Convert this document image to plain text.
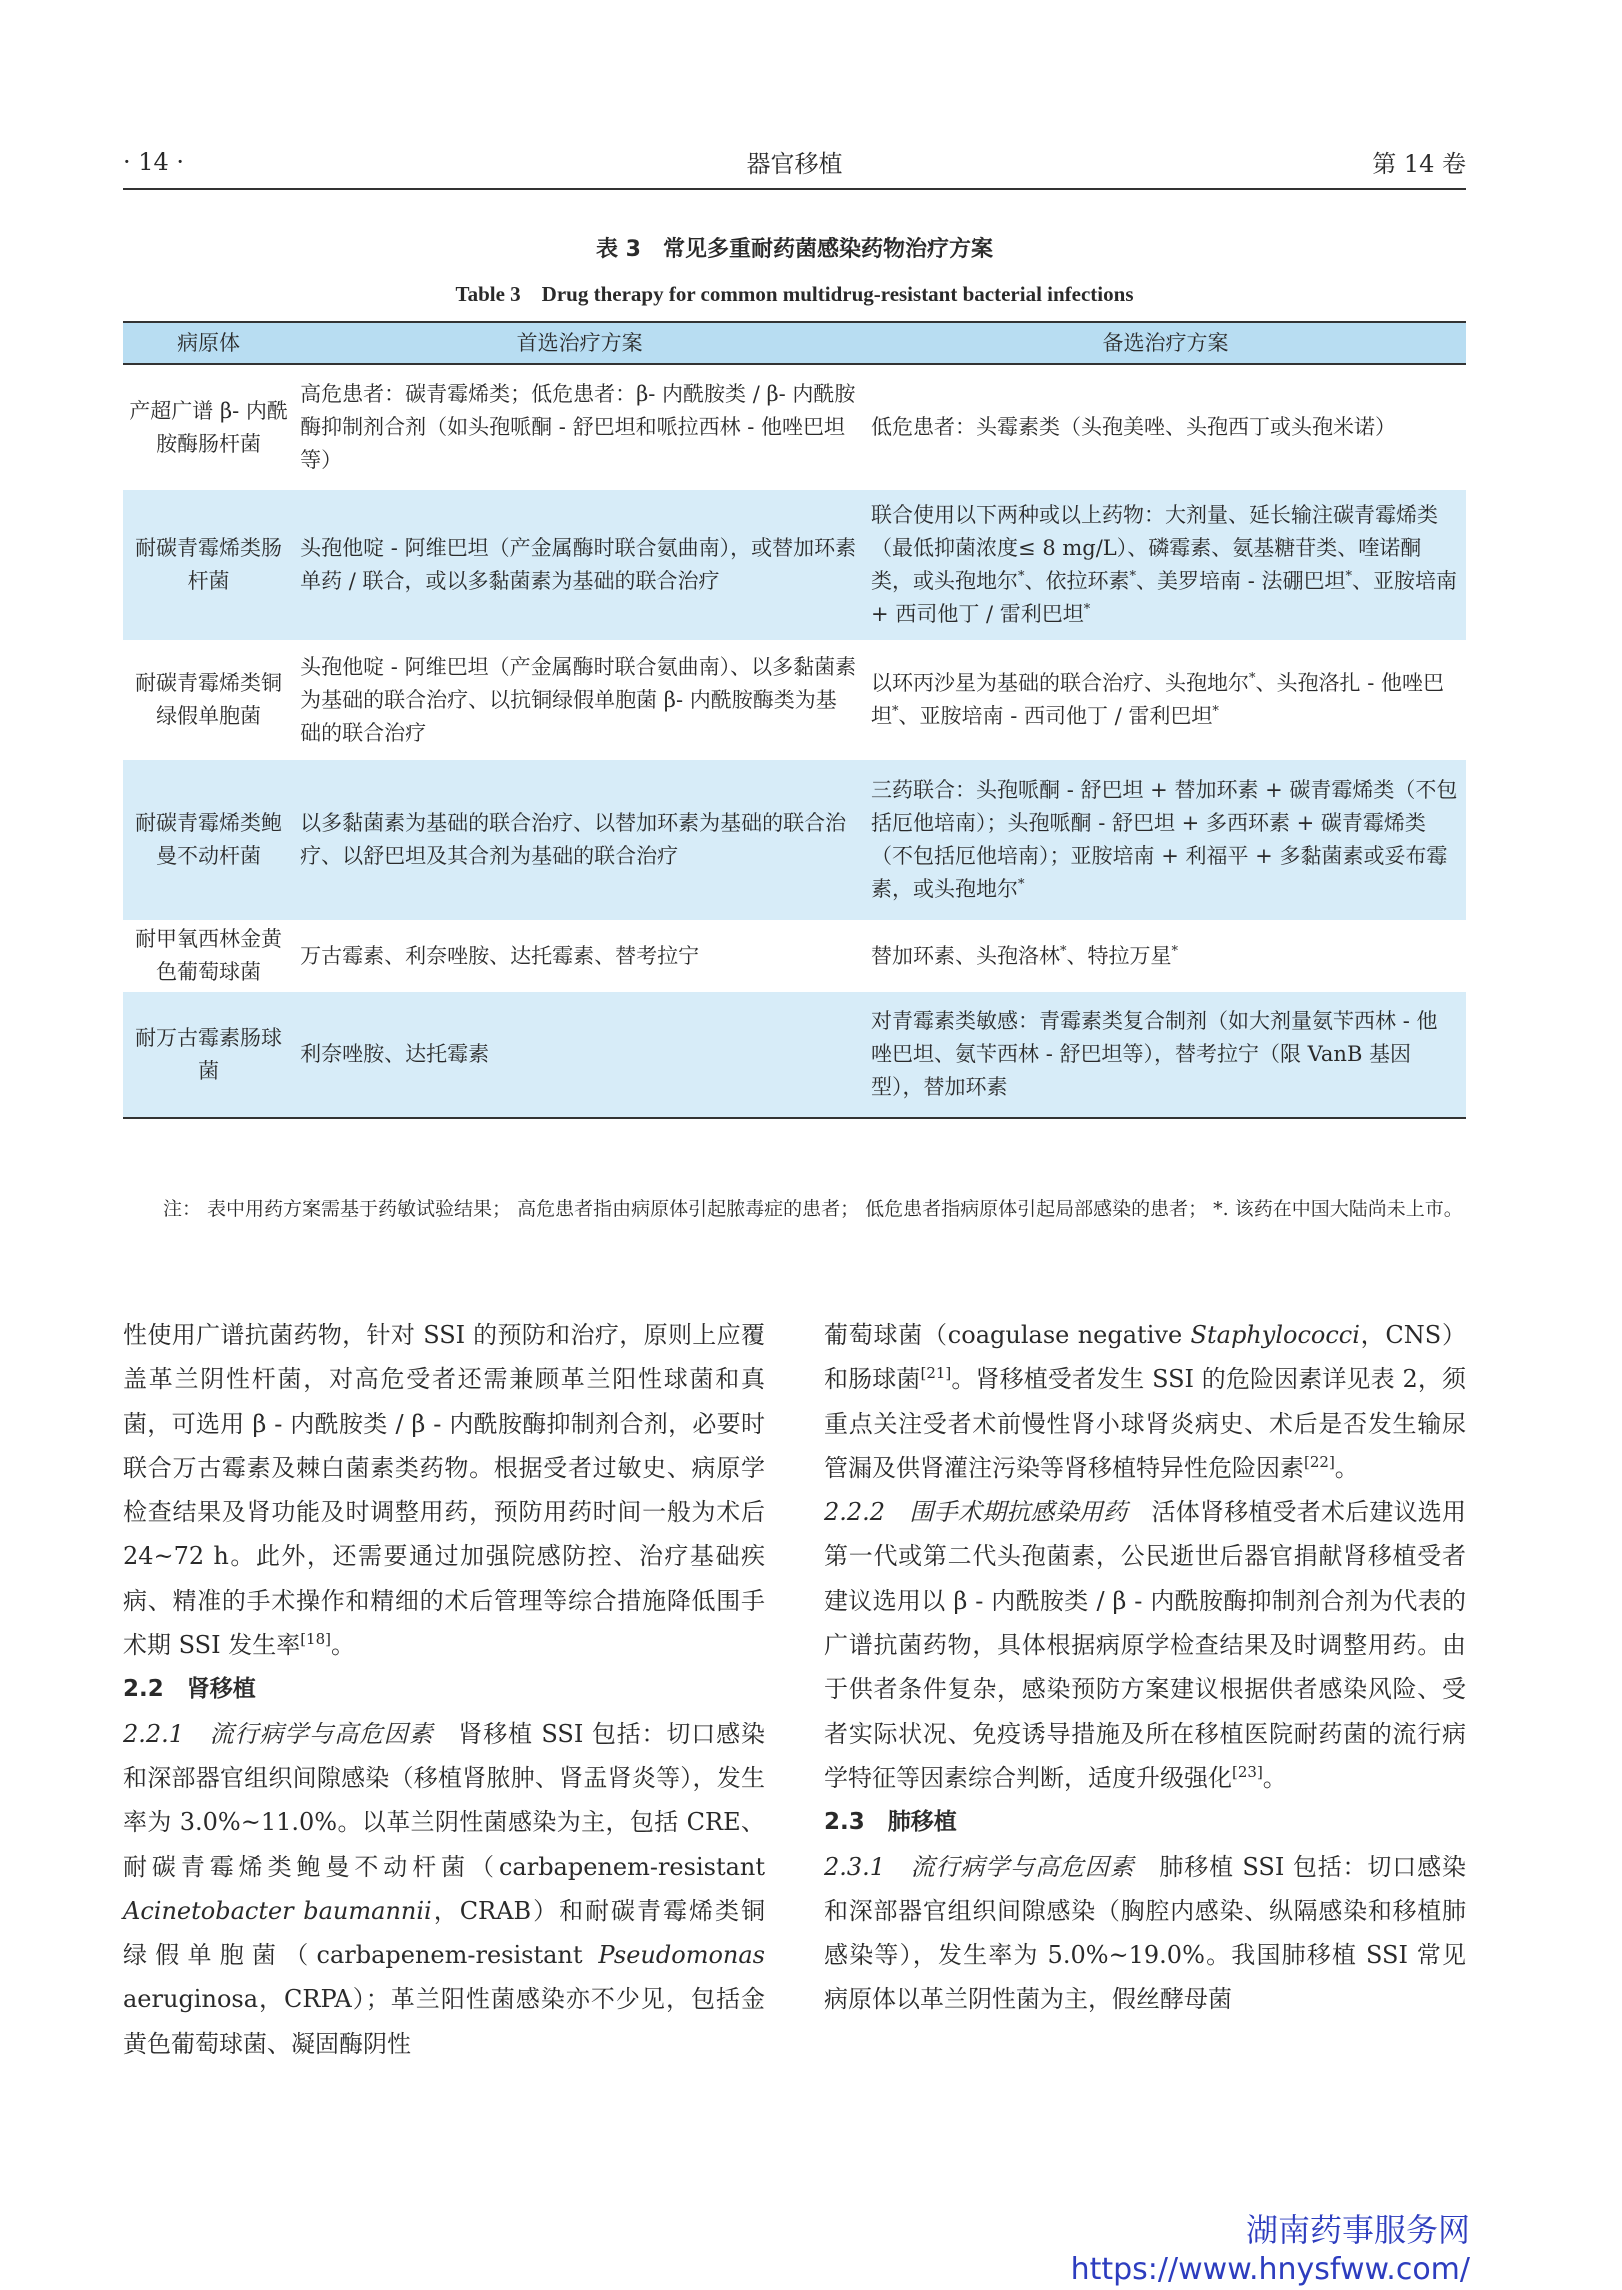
· 14 ·	器官移植	第 14 卷
表 3　常见多重耐药菌感染药物治疗方案
Table 3　Drug therapy for common multidrug-resistant bacterial infections
病原体	首选治疗方案	备选治疗方案
产超广谱 β- 内酰胺酶肠杆菌	高危患者：碳青霉烯类；低危患者：β- 内酰胺类 / β- 内酰胺酶抑制剂合剂（如头孢哌酮 - 舒巴坦和哌拉西林 - 他唑巴坦等）	低危患者：头霉素类（头孢美唑、头孢西丁或头孢米诺）
耐碳青霉烯类肠杆菌	头孢他啶 - 阿维巴坦（产金属酶时联合氨曲南），或替加环素单药 / 联合，或以多黏菌素为基础的联合治疗	联合使用以下两种或以上药物：大剂量、延长输注碳青霉烯类（最低抑菌浓度≤ 8 mg/L）、磷霉素、氨基糖苷类、喹诺酮类，或头孢地尔*、依拉环素*、美罗培南 - 法硼巴坦*、亚胺培南 + 西司他丁 / 雷利巴坦*
耐碳青霉烯类铜绿假单胞菌	头孢他啶 - 阿维巴坦（产金属酶时联合氨曲南）、以多黏菌素为基础的联合治疗、以抗铜绿假单胞菌 β- 内酰胺酶类为基础的联合治疗	以环丙沙星为基础的联合治疗、头孢地尔*、头孢洛扎 - 他唑巴坦*、亚胺培南 - 西司他丁 / 雷利巴坦*
耐碳青霉烯类鲍曼不动杆菌	以多黏菌素为基础的联合治疗、以替加环素为基础的联合治疗、以舒巴坦及其合剂为基础的联合治疗	三药联合：头孢哌酮 - 舒巴坦 + 替加环素 + 碳青霉烯类（不包括厄他培南）；头孢哌酮 - 舒巴坦 + 多西环素 + 碳青霉烯类（不包括厄他培南）；亚胺培南 + 利福平 + 多黏菌素或妥布霉素，或头孢地尔*
耐甲氧西林金黄色葡萄球菌	万古霉素、利奈唑胺、达托霉素、替考拉宁	替加环素、头孢洛林*、特拉万星*
耐万古霉素肠球菌	利奈唑胺、达托霉素	对青霉素类敏感：青霉素类复合制剂（如大剂量氨苄西林 - 他唑巴坦、氨苄西林 - 舒巴坦等），替考拉宁（限 VanB 基因型），替加环素
注： 表中用药方案需基于药敏试验结果； 高危患者指由病原体引起脓毒症的患者； 低危患者指病原体引起局部感染的患者； *. 该药在中国大陆尚未上市。

性使用广谱抗菌药物，针对 SSI 的预防和治疗，原则上应覆盖革兰阴性杆菌，对高危受者还需兼顾革兰阳性球菌和真菌，可选用 β - 内酰胺类 / β - 内酰胺酶抑制剂合剂，必要时联合万古霉素及棘白菌素类药物。根据受者过敏史、病原学检查结果及肾功能及时调整用药，预防用药时间一般为术后 24~72 h。此外，还需要通过加强院感防控、治疗基础疾病、精准的手术操作和精细的术后管理等综合措施降低围手术期 SSI 发生率[18]。

2.2　肾移植

2.2.1　流行病学与高危因素　肾移植 SSI 包括：切口感染和深部器官组织间隙感染（移植肾脓肿、肾盂肾炎等），发生率为 3.0%~11.0%。以革兰阴性菌感染为主，包括 CRE、耐碳青霉烯类鲍曼不动杆菌（carbapenem-resistant Acinetobacter baumannii，CRAB）和耐碳青霉烯类铜绿假单胞菌（carbapenem-resistant Pseudomonas aeruginosa，CRPA）；革兰阳性菌感染亦不少见，包括金黄色葡萄球菌、凝固酶阴性

葡萄球菌（coagulase negative Staphylococci，CNS）和肠球菌[21]。肾移植受者发生 SSI 的危险因素详见表 2，须重点关注受者术前慢性肾小球肾炎病史、术后是否发生输尿管漏及供肾灌注污染等肾移植特异性危险因素[22]。

2.2.2　围手术期抗感染用药　活体肾移植受者术后建议选用第一代或第二代头孢菌素，公民逝世后器官捐献肾移植受者建议选用以 β - 内酰胺类 / β - 内酰胺酶抑制剂合剂为代表的广谱抗菌药物，具体根据病原学检查结果及时调整用药。由于供者条件复杂，感染预防方案建议根据供者感染风险、受者实际状况、免疫诱导措施及所在移植医院耐药菌的流行病学特征等因素综合判断，适度升级强化[23]。

2.3　肺移植

2.3.1　流行病学与高危因素　肺移植 SSI 包括：切口感染和深部器官组织间隙感染（胸腔内感染、纵隔感染和移植肺感染等），发生率为 5.0%~19.0%。我国肺移植 SSI 常见病原体以革兰阴性菌为主，假丝酵母菌

湖南药事服务网
https://www.hnysfww.com/
